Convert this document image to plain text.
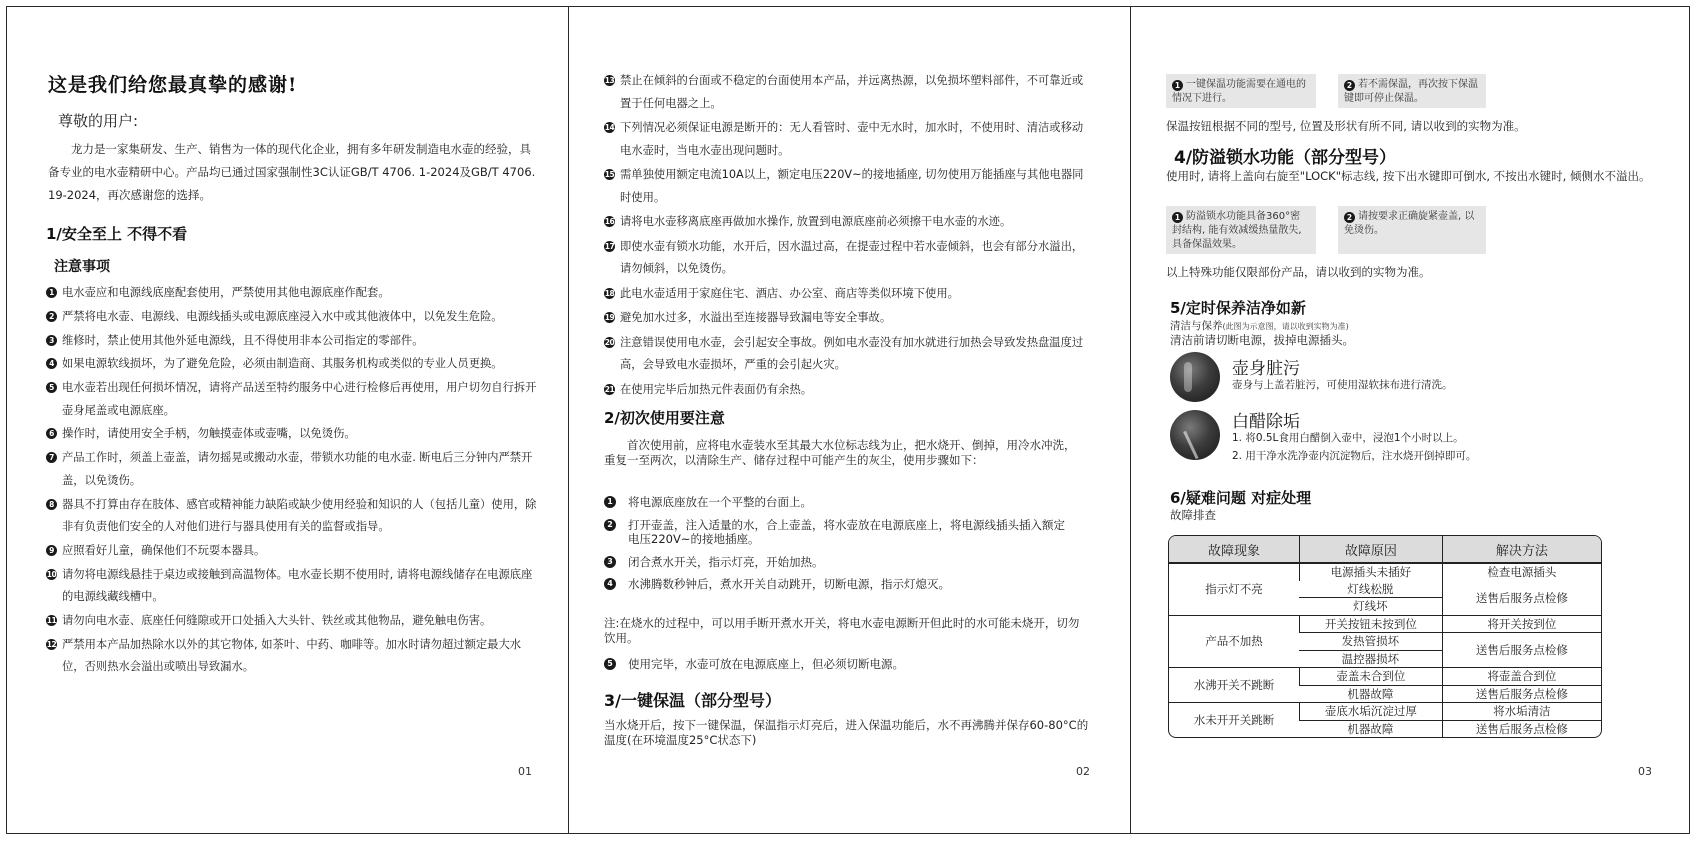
这是我们给您最真挚的感谢!

尊敬的用户:

龙力是一家集研发、生产、销售为一体的现代化企业，拥有多年研发制造电水壶的经验，具备专业的电水壶精研中心。产品均已通过国家强制性3C认证GB/T 4706. 1-2024及GB/T 4706. 19-2024，再次感谢您的选择。

1/安全至上 不得不看
注意事项
1 电水壶应和电源线底座配套使用，严禁使用其他电源底座作配套。
2 严禁将电水壶、电源线、电源线插头或电源底座浸入水中或其他液体中，以免发生危险。
3 维修时，禁止使用其他外延电源线，且不得使用非本公司指定的零部件。
4 如果电源软线损坏，为了避免危险，必须由制造商、其服务机构或类似的专业人员更换。
5 电水壶若出现任何损坏情况，请将产品送至特约服务中心进行检修后再使用，用户切勿自行拆开壶身尾盖或电源底座。
6 操作时，请使用安全手柄，勿触摸壶体或壶嘴，以免烫伤。
7 产品工作时，须盖上壶盖，请勿摇晃或搬动水壶，带锁水功能的电水壶. 断电后三分钟内严禁开盖，以免烫伤。
8 器具不打算由存在肢体、感官或精神能力缺陷或缺少使用经验和知识的人（包括儿童）使用，除非有负责他们安全的人对他们进行与器具使用有关的监督或指导。
9 应照看好儿童，确保他们不玩耍本器具。
10 请勿将电源线悬挂于桌边或接触到高温物体。电水壶长期不使用时, 请将电源线储存在电源底座的电源线藏线槽中。
11 请勿向电水壶、底座任何缝隙或开口处插入大头针、铁丝或其他物品，避免触电伤害。
12 严禁用本产品加热除水以外的其它物体, 如茶叶、中药、咖啡等。加水时请勿超过额定最大水位，否则热水会溢出或喷出导致漏水。
01
13 禁止在倾斜的台面或不稳定的台面使用本产品，并远离热源，以免损坏塑料部件，不可靠近或置于任何电器之上。
14 下列情况必须保证电源是断开的：无人看管时、壶中无水时，加水时，不使用时、清洁或移动电水壶时，当电水壶出现问题时。
15 需单独使用额定电流10A以上，额定电压220V~的接地插座, 切勿使用万能插座与其他电器同时使用。
16 请将电水壶移离底座再做加水操作, 放置到电源底座前必须擦干电水壶的水迹。
17 即使水壶有锁水功能，水开后，因水温过高，在提壶过程中若水壶倾斜，也会有部分水溢出，请勿倾斜，以免烫伤。
18 此电水壶适用于家庭住宅、酒店、办公室、商店等类似环境下使用。
19 避免加水过多，水溢出至连接器导致漏电等安全事故。
20 注意错误使用电水壶，会引起安全事故。例如电水壶没有加水就进行加热会导致发热盘温度过高，会导致电水壶损坏，严重的会引起火灾。
21 在使用完毕后加热元件表面仍有余热。
2/初次使用要注意

首次使用前，应将电水壶装水至其最大水位标志线为止，把水烧开、倒掉，用冷水冲洗，重复一至两次，以清除生产、储存过程中可能产生的灰尘，使用步骤如下：

1 将电源底座放在一个平整的台面上。
2 打开壶盖，注入适量的水，合上壶盖，将水壶放在电源底座上，将电源线插头插入额定电压220V~的接地插座。
3 闭合煮水开关，指示灯亮，开始加热。
4 水沸腾数秒钟后，煮水开关自动跳开，切断电源，指示灯熄灭。

注:在烧水的过程中，可以用手断开煮水开关，将电水壶电源断开但此时的水可能未烧开，切勿饮用。

5 使用完毕，水壶可放在电源底座上，但必须切断电源。
3/一键保温（部分型号）

当水烧开后，按下一键保温，保温指示灯亮后，进入保温功能后，水不再沸腾并保存60-80°C的温度(在环境温度25°C状态下)

02
1 一键保温功能需要在通电的情况下进行。
2 若不需保温，再次按下保温键即可停止保温。

保温按钮根据不同的型号, 位置及形状有所不同, 请以收到的实物为准。

4/防溢锁水功能（部分型号）

使用时, 请将上盖向右旋至"LOCK"标志线, 按下出水键即可倒水, 不按出水键时, 倾侧水不溢出。

1 防溢锁水功能具备360°密封结构, 能有效减缓热量散失, 具备保温效果。
2 请按要求正确旋紧壶盖, 以免烫伤。

以上特殊功能仅限部份产品，请以收到的实物为准。

5/定时保养洁净如新

清洁与保养(此图为示意图，请以收到实物为准)

清洁前请切断电源，拔掉电源插头。

壶身脏污

壶身与上盖若脏污，可使用湿软抹布进行清洗。

白醋除垢

1. 将0.5L食用白醋倒入壶中，浸泡1个小时以上。

2. 用干净水洗净壶内沉淀物后，注水烧开倒掉即可。

6/疑难问题 对症处理

故障排查

故障现象	故障原因	解决方法
指示灯不亮	电源插头未插好	检查电源插头
	灯线松脱	送售后服务点检修
	灯线坏	
产品不加热	开关按钮未按到位	将开关按到位
	发热管损坏	送售后服务点检修
	温控器损坏	
水沸开关不跳断	壶盖未合到位	将壶盖合到位
	机器故障	送售后服务点检修
水未开开关跳断	壶底水垢沉淀过厚	将水垢清洁
	机器故障	送售后服务点检修
03
